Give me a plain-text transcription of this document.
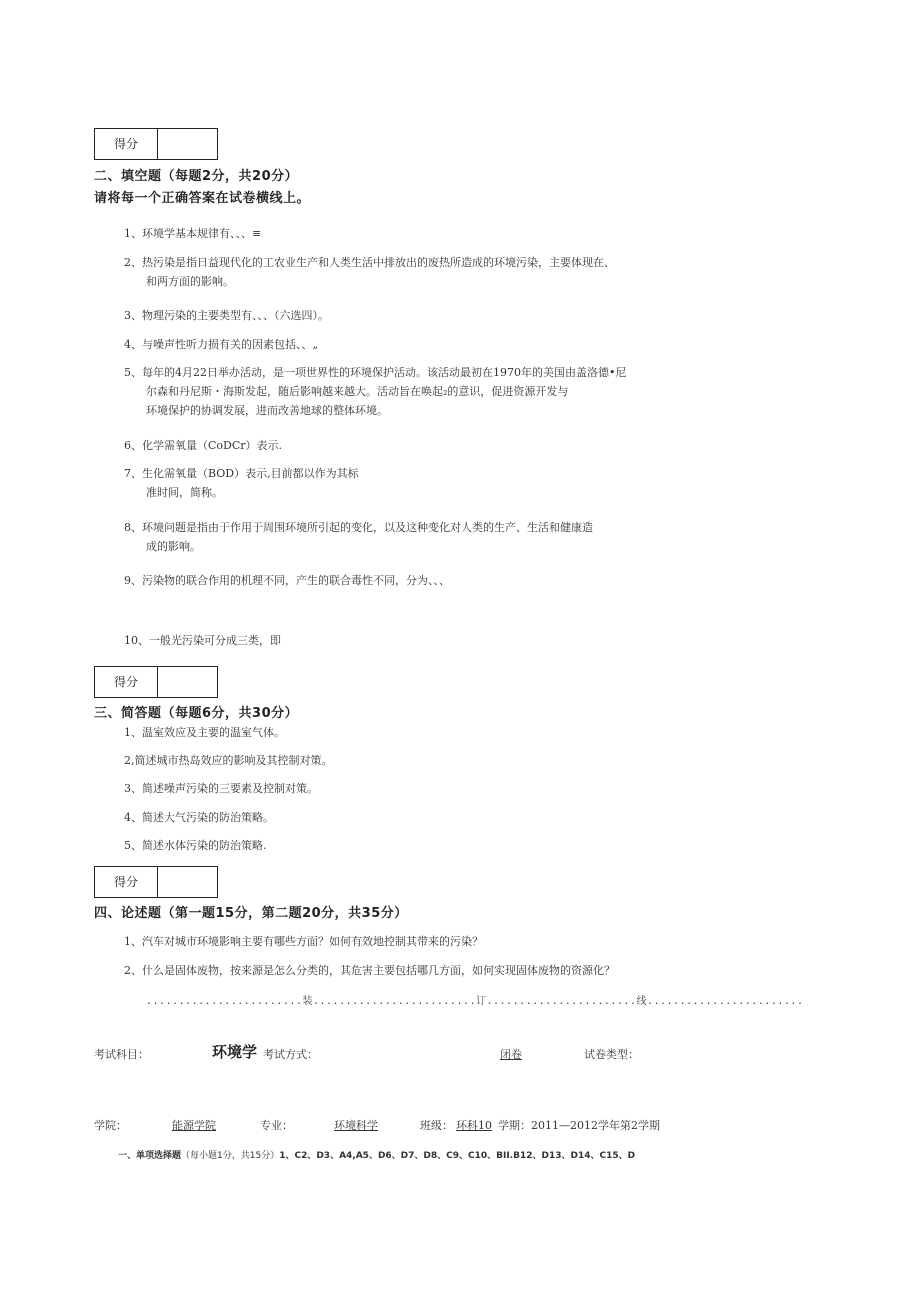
得分
二、填空题（每题2分，共20分）
请将每一个正确答案在试卷横线上。
1、环境学基本规律有、、、≡
2、热污染是指日益现代化的工农业生产和人类生活中排放出的废热所造成的环境污染，主要体现在、
和两方面的影响。
3、物理污染的主要类型有、、、（六选四）。
4、与噪声性听力损有关的因素包括、、„
5、每年的4月22日举办活动，是一项世界性的环境保护活动。该活动最初在1970年的美国由盖洛德•尼
尔森和丹尼斯・海斯发起，随后影响越来越大。活动旨在唤起₂的意识，促进资源开发与
环境保护的协调发展，进而改善地球的整体环境。
6、化学需氧量（CoDCr）表示.
7、生化需氧量（BOD）表示,目前都以作为其标
准时间，简称。
8、环境问题是指由于作用于周围环境所引起的变化，以及这种变化对人类的生产、生活和健康造
成的影响。
9、污染物的联合作用的机理不同，产生的联合毒性不同，分为、、、
10、一般光污染可分成三类，即
得分
三、简答题（每题6分，共30分）
1、温室效应及主要的温室气体。
2,简述城市热岛效应的影响及其控制对策。
3、简述噪声污染的三要素及控制对策。
4、简述大气污染的防治策略。
5、简述水体污染的防治策略.
得分
四、论述题（第一题15分，第二题20分，共35分）
1、汽车对城市环境影响主要有哪些方面？如何有效地控制其带来的污染？
2、什么是固体废物，按来源是怎么分类的，其危害主要包括哪几方面，如何实现固体废物的资源化？
........................装.........................订.......................线........................
考试科目：	环境学 考试方式：	闭卷	试卷类型：
学院：	能源学院	专业：	环境科学	班级： 环科10 学期：2011—2012学年第2学期
一、单项选择题（每小题1分，共15分）1、C2、D3、A4,A5、D6、D7、D8、C9、C10、BII.B12、D13、D14、C15、D
